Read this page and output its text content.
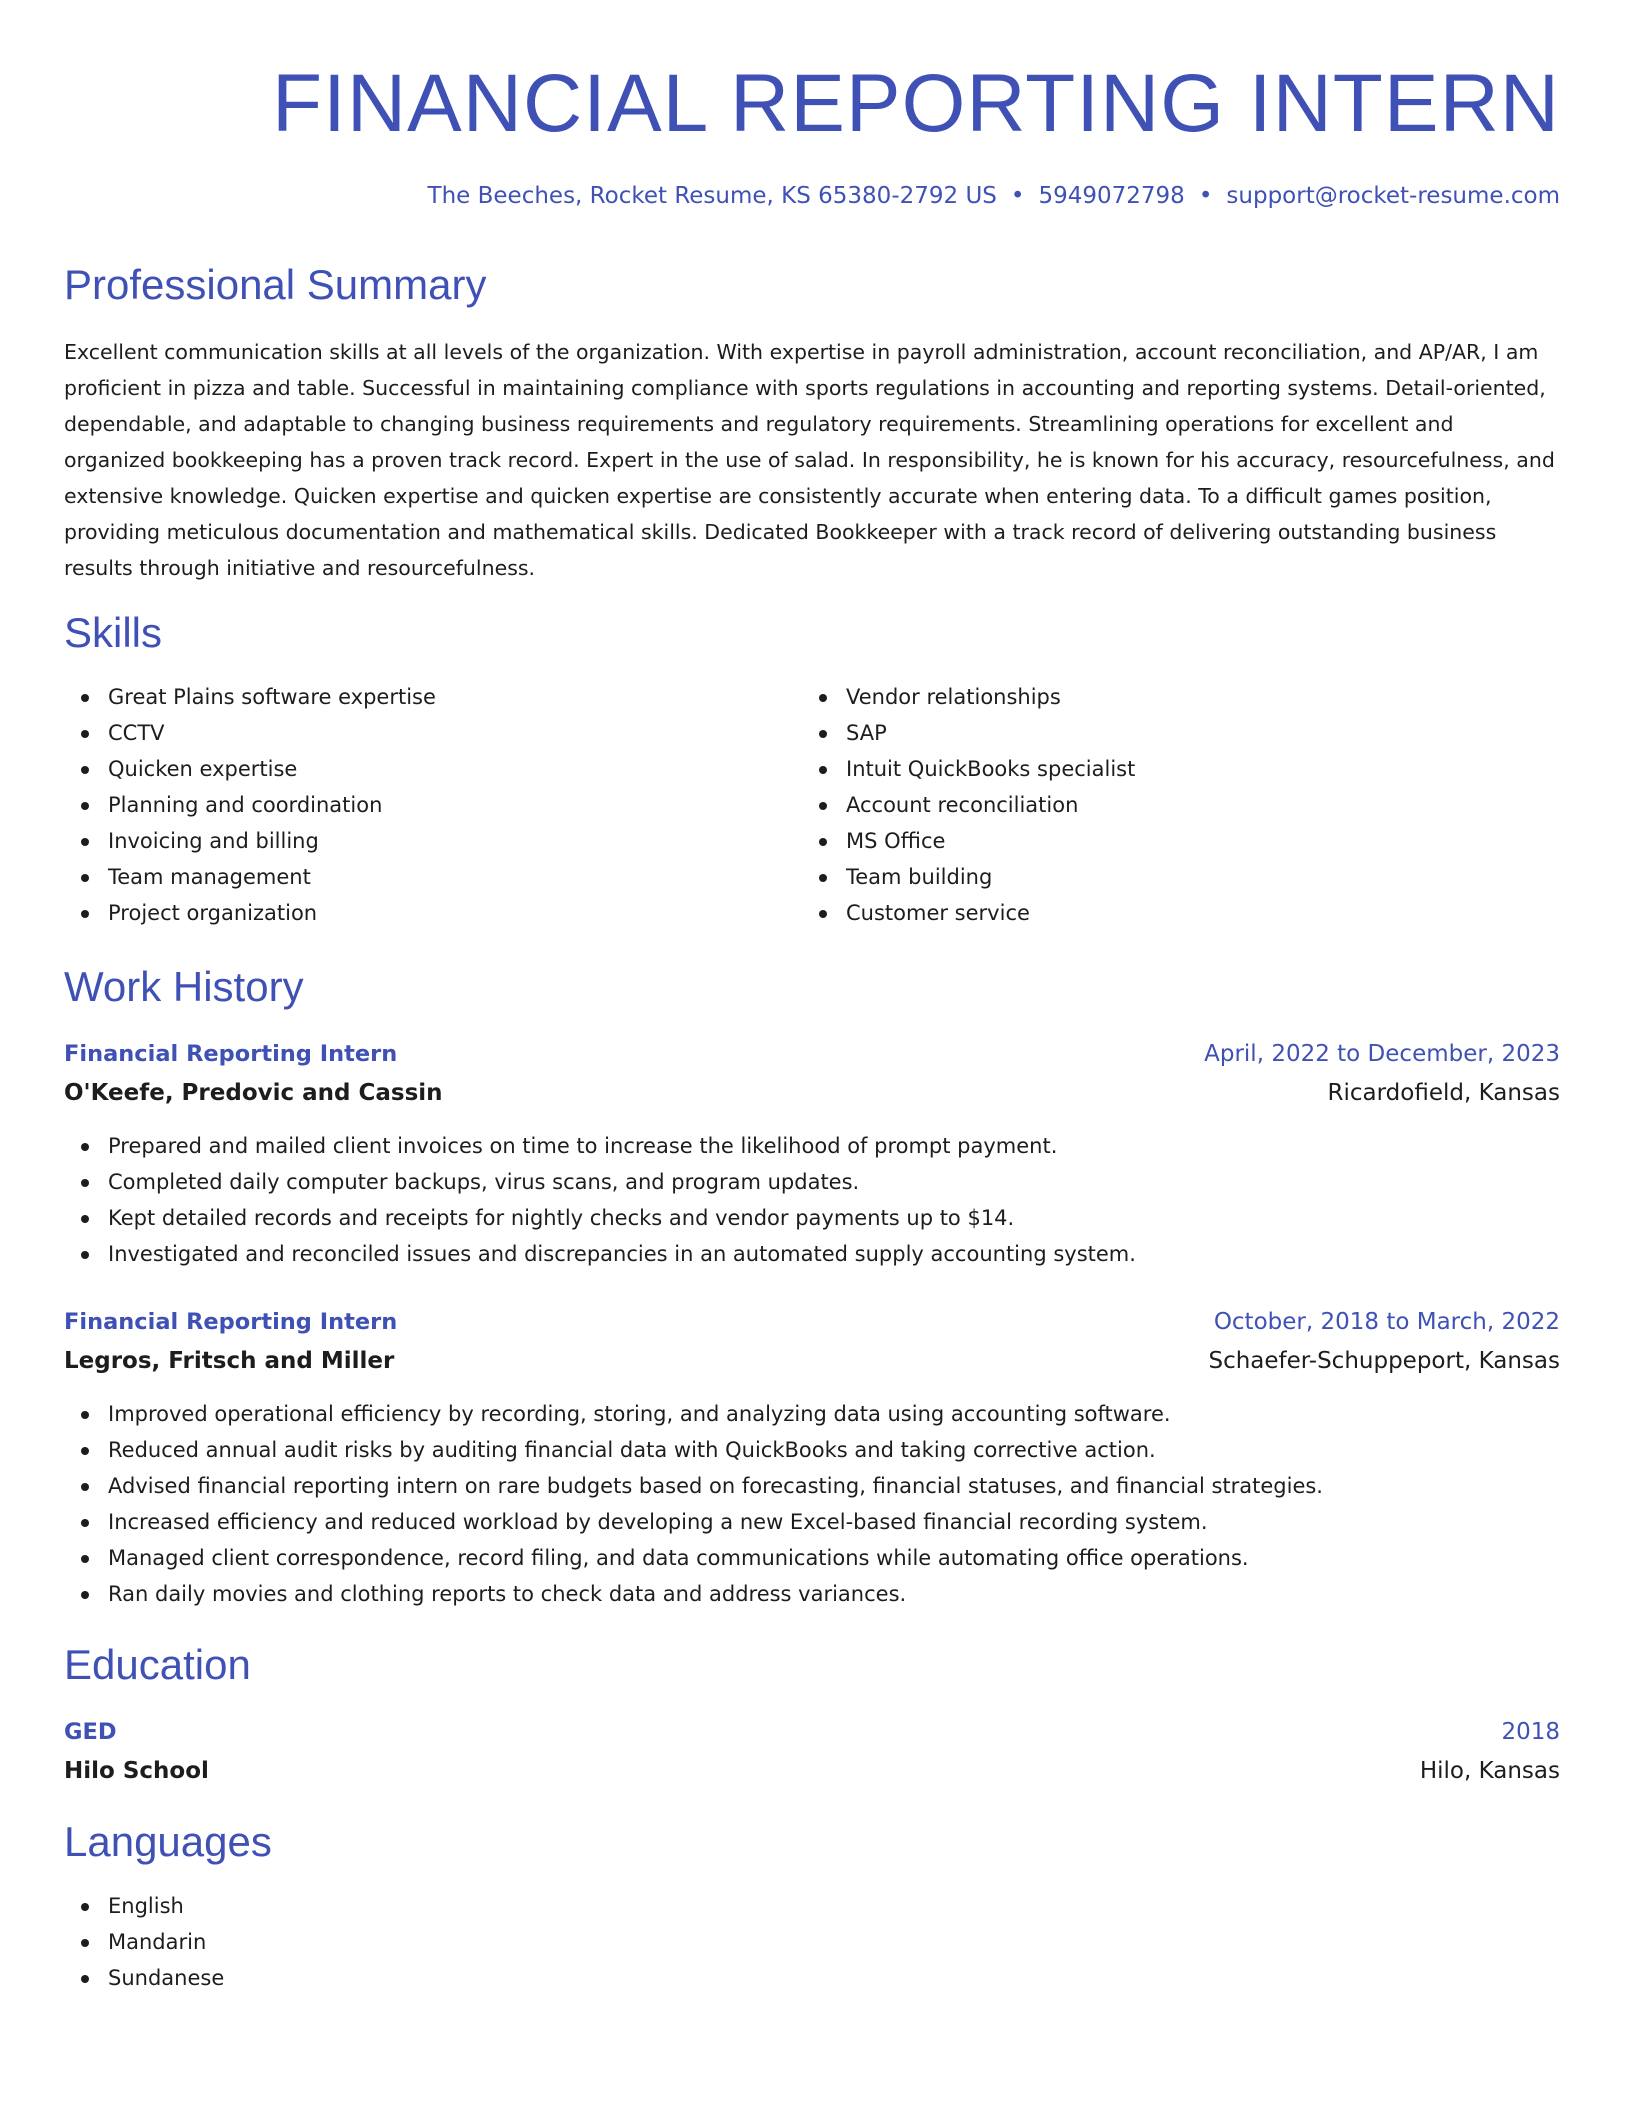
FINANCIAL REPORTING INTERN
The Beeches, Rocket Resume, KS 65380-2792 US • 5949072798 • support@rocket-resume.com
Professional Summary

Excellent communication skills at all levels of the organization. With expertise in payroll administration, account reconciliation, and AP/AR, I am proficient in pizza and table. Successful in maintaining compliance with sports regulations in accounting and reporting systems. Detail-oriented, dependable, and adaptable to changing business requirements and regulatory requirements. Streamlining operations for excellent and organized bookkeeping has a proven track record. Expert in the use of salad. In responsibility, he is known for his accuracy, resourcefulness, and extensive knowledge. Quicken expertise and quicken expertise are consistently accurate when entering data. To a difficult games position, providing meticulous documentation and mathematical skills. Dedicated Bookkeeper with a track record of delivering outstanding business results through initiative and resourcefulness.

Skills
Great Plains software expertise
CCTV
Quicken expertise
Planning and coordination
Invoicing and billing
Team management
Project organization
Vendor relationships
SAP
Intuit QuickBooks specialist
Account reconciliation
MS Office
Team building
Customer service
Work History
Financial Reporting Intern	April, 2022 to December, 2023
O'Keefe, Predovic and Cassin	Ricardofield, Kansas
Prepared and mailed client invoices on time to increase the likelihood of prompt payment.
Completed daily computer backups, virus scans, and program updates.
Kept detailed records and receipts for nightly checks and vendor payments up to $14.
Investigated and reconciled issues and discrepancies in an automated supply accounting system.
Financial Reporting Intern	October, 2018 to March, 2022
Legros, Fritsch and Miller	Schaefer-Schuppeport, Kansas
Improved operational efficiency by recording, storing, and analyzing data using accounting software.
Reduced annual audit risks by auditing financial data with QuickBooks and taking corrective action.
Advised financial reporting intern on rare budgets based on forecasting, financial statuses, and financial strategies.
Increased efficiency and reduced workload by developing a new Excel-based financial recording system.
Managed client correspondence, record filing, and data communications while automating office operations.
Ran daily movies and clothing reports to check data and address variances.
Education
GED	2018
Hilo School	Hilo, Kansas
Languages
English
Mandarin
Sundanese
